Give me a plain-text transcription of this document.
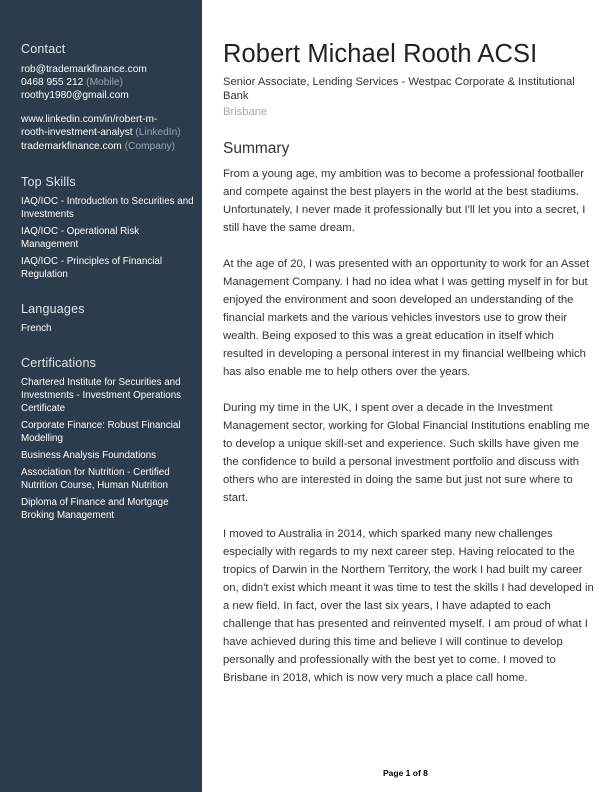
Contact
rob@trademarkfinance.com
0468 955 212 (Mobile)
roothy1980@gmail.com
www.linkedin.com/in/robert-m-
rooth-investment-analyst (LinkedIn)
trademarkfinance.com (Company)
Top Skills
IAQ/IOC - Introduction to Securities and Investments
IAQ/IOC - Operational Risk Management
IAQ/IOC - Principles of Financial Regulation
Languages
French
Certifications
Chartered Institute for Securities and Investments - Investment Operations Certificate
Corporate Finance: Robust Financial Modelling
Business Analysis Foundations
Association for Nutrition - Certified Nutrition Course, Human Nutrition
Diploma of Finance and Mortgage Broking Management
Robert Michael Rooth ACSI
Senior Associate, Lending Services - Westpac Corporate & Institutional Bank
Brisbane
Summary

From a young age, my ambition was to become a professional footballer and compete against the best players in the world at the best stadiums. Unfortunately, I never made it professionally but I'll let you into a secret, I still have the same dream.

At the age of 20, I was presented with an opportunity to work for an Asset Management Company. I had no idea what I was getting myself in for but enjoyed the environment and soon developed an understanding of the financial markets and the various vehicles investors use to grow their wealth. Being exposed to this was a great education in itself which resulted in developing a personal interest in my financial wellbeing which has also enable me to help others over the years.

During my time in the UK, I spent over a decade in the Investment Management sector, working for Global Financial Institutions enabling me to develop a unique skill-set and experience. Such skills have given me the confidence to build a personal investment portfolio and discuss with others who are interested in doing the same but just not sure where to start.

I moved to Australia in 2014, which sparked many new challenges especially with regards to my next career step. Having relocated to the tropics of Darwin in the Northern Territory, the work I had built my career on, didn't exist which meant it was time to test the skills I had developed in a new field. In fact, over the last six years, I have adapted to each challenge that has presented and reinvented myself. I am proud of what I have achieved during this time and believe I will continue to develop personally and professionally with the best yet to come. I moved to Brisbane in 2018, which is now very much a place call home.

Page 1 of 8
